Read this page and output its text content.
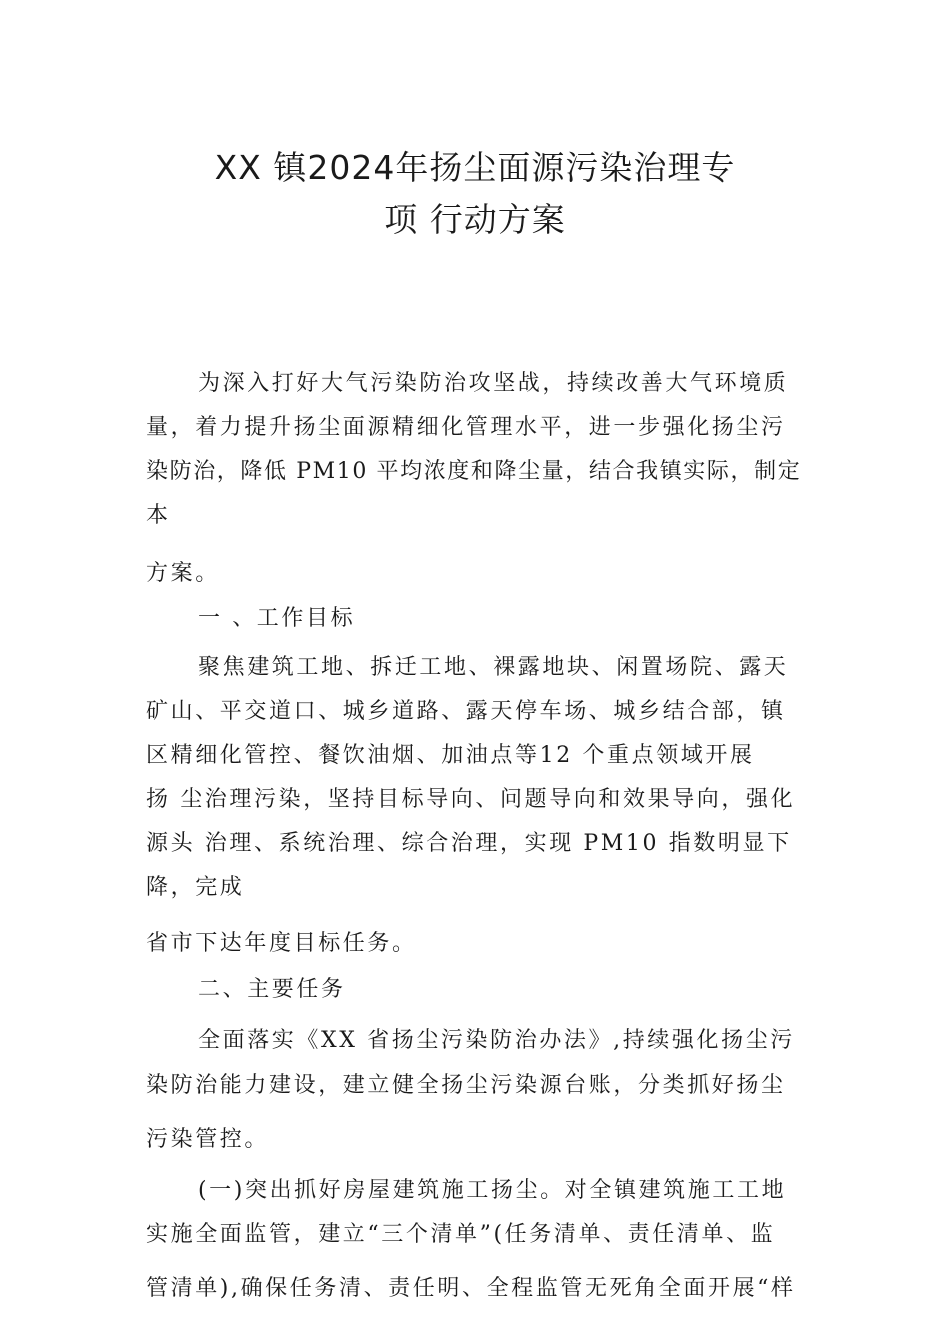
XX 镇2024年扬尘面源污染治理专
项 行动方案
为深入打好大气污染防治攻坚战，持续改善大气环境质
量，着力提升扬尘面源精细化管理水平，进一步强化扬尘污
染防治，降低 PM10 平均浓度和降尘量，结合我镇实际，制定
本
方案。
一 、工作目标
聚焦建筑工地、拆迁工地、裸露地块、闲置场院、露天
矿山、平交道口、城乡道路、露天停车场、城乡结合部，镇
区精细化管控、餐饮油烟、加油点等12 个重点领域开展
扬 尘治理污染，坚持目标导向、问题导向和效果导向，强化
源头 治理、系统治理、综合治理，实现 PM10 指数明显下
降，完成
省市下达年度目标任务。
二、主要任务
全面落实《XX 省扬尘污染防治办法》,持续强化扬尘污
染防治能力建设，建立健全扬尘污染源台账，分类抓好扬尘
污染管控。
(一)突出抓好房屋建筑施工扬尘。对全镇建筑施工工地
实施全面监管，建立“三个清单”(任务清单、责任清单、监
管清单),确保任务清、责任明、全程监管无死角全面开展“样
